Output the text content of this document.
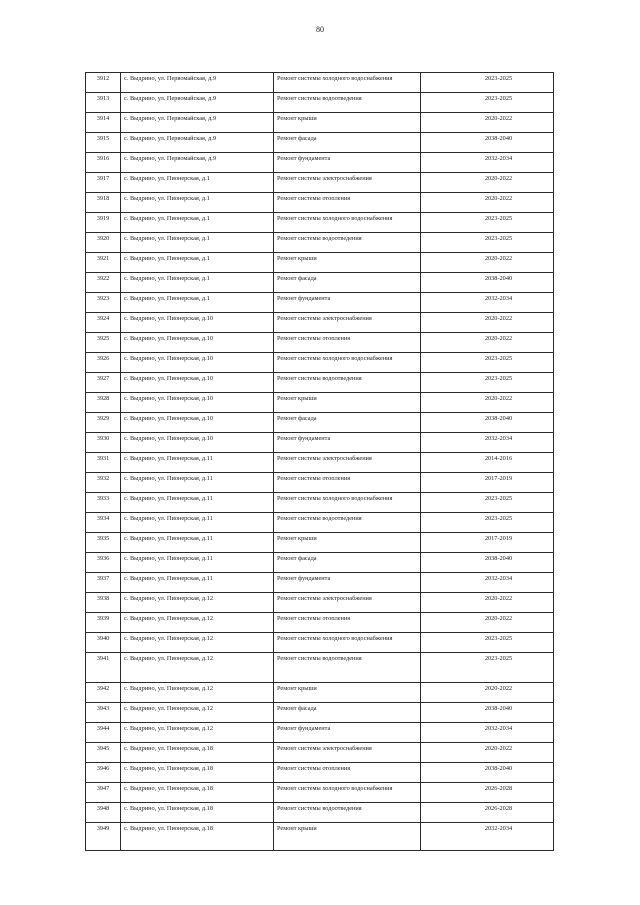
80
3912	с. Выдрино, ул. Первомайская, д.9	Ремонт системы холодного водоснабжения	2023-2025
3913	с. Выдрино, ул. Первомайская, д.9	Ремонт системы водоотведения	2023-2025
3914	с. Выдрино, ул. Первомайская, д.9	Ремонт крыши	2020-2022
3915	с. Выдрино, ул. Первомайская, д.9	Ремонт фасада	2038-2040
3916	с. Выдрино, ул. Первомайская, д.9	Ремонт фундамента	2032-2034
3917	с. Выдрино, ул. Пионерская, д.1	Ремонт системы электроснабжения	2020-2022
3918	с. Выдрино, ул. Пионерская, д.1	Ремонт системы отопления	2020-2022
3919	с. Выдрино, ул. Пионерская, д.1	Ремонт системы холодного водоснабжения	2023-2025
3920	с. Выдрино, ул. Пионерская, д.1	Ремонт системы водоотведения	2023-2025
3921	с. Выдрино, ул. Пионерская, д.1	Ремонт крыши	2020-2022
3922	с. Выдрино, ул. Пионерская, д.1	Ремонт фасада	2038-2040
3923	с. Выдрино, ул. Пионерская, д.1	Ремонт фундамента	2032-2034
3924	с. Выдрино, ул. Пионерская, д.10	Ремонт системы электроснабжения	2020-2022
3925	с. Выдрино, ул. Пионерская, д.10	Ремонт системы отопления	2020-2022
3926	с. Выдрино, ул. Пионерская, д.10	Ремонт системы холодного водоснабжения	2023-2025
3927	с. Выдрино, ул. Пионерская, д.10	Ремонт системы водоотведения	2023-2025
3928	с. Выдрино, ул. Пионерская, д.10	Ремонт крыши	2020-2022
3929	с. Выдрино, ул. Пионерская, д.10	Ремонт фасада	2038-2040
3930	с. Выдрино, ул. Пионерская, д.10	Ремонт фундамента	2032-2034
3931	с. Выдрино, ул. Пионерская, д.11	Ремонт системы электроснабжения	2014-2016
3932	с. Выдрино, ул. Пионерская, д.11	Ремонт системы отопления	2017-2019
3933	с. Выдрино, ул. Пионерская, д.11	Ремонт системы холодного водоснабжения	2023-2025
3934	с. Выдрино, ул. Пионерская, д.11	Ремонт системы водоотведения	2023-2025
3935	с. Выдрино, ул. Пионерская, д.11	Ремонт крыши	2017-2019
3936	с. Выдрино, ул. Пионерская, д.11	Ремонт фасада	2038-2040
3937	с. Выдрино, ул. Пионерская, д.11	Ремонт фундамента	2032-2034
3938	с. Выдрино, ул. Пионерская, д.12	Ремонт системы электроснабжения	2020-2022
3939	с. Выдрино, ул. Пионерская, д.12	Ремонт системы отопления	2020-2022
3940	с. Выдрино, ул. Пионерская, д.12	Ремонт системы холодного водоснабжения	2023-2025
3941	с. Выдрино, ул. Пионерская, д.12	Ремонт системы водоотведения	2023-2025
3942	с. Выдрино, ул. Пионерская, д.12	Ремонт крыши	2020-2022
3943	с. Выдрино, ул. Пионерская, д.12	Ремонт фасада	2038-2040
3944	с. Выдрино, ул. Пионерская, д.12	Ремонт фундамента	2032-2034
3945	с. Выдрино, ул. Пионерская, д.18	Ремонт системы электроснабжения	2020-2022
3946	с. Выдрино, ул. Пионерская, д.18	Ремонт системы отопления	2038-2040
3947	с. Выдрино, ул. Пионерская, д.18	Ремонт системы холодного водоснабжения	2026-2028
3948	с. Выдрино, ул. Пионерская, д.18	Ремонт системы водоотведения	2026-2028
3949	с. Выдрино, ул. Пионерская, д.18	Ремонт крыши	2032-2034
